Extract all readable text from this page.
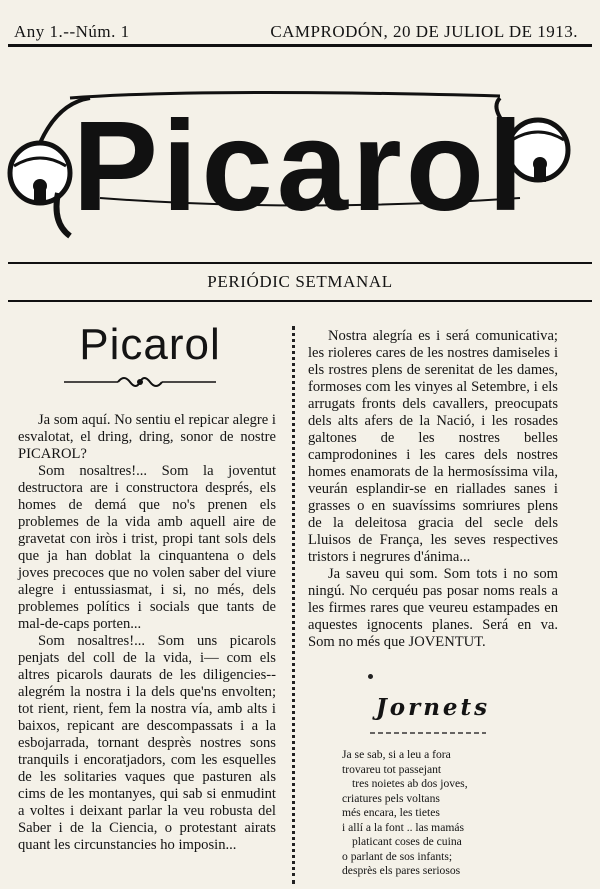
Any 1.--Núm. 1	CAMPRODÓN, 20 DE JULIOL DE 1913.
Picarol
PERIÓDIC SETMANAL
Picarol

Ja som aquí. No sentiu el repicar alegre i esvalotat, el dring, dring, sonor de nostre PICAROL?

Som nosaltres!... Som la joventut destructora are i constructora després, els homes de demá que no's prenen els problemes de la vida amb aquell aire de gravetat con iròs i trist, propi tant sols dels que ja han doblat la cinquantena o dels joves precoces que no volen saber del viure alegre i entussiasmat, i si, no més, dels problemes polítics i socials que tants de mal-de-caps porten...

Som nosaltres!... Som uns picarols penjats del coll de la vida, i— com els altres picarols daurats de les diligencies--alegrém la nostra i la dels que'ns envolten; tot rient, rient, fem la nostra vía, amb alts i baixos, repicant are descompassats i a la esbojarrada, tornant desprès nostres sons tranquils i encoratjadors, com les esquelles de les solitaries vaques que pasturen als cims de les montanyes, qui sab si enmudint a voltes i deixant parlar la veu robusta del Saber i de la Ciencia, o protestant airats quant les circunstancies ho imposin...

Nostra alegría es i será comunicativa; les rioleres cares de les nostres damiseles i els rostres plens de serenitat de les dames, formoses com les vinyes al Setembre, i els arrugats fronts dels cavallers, preocupats dels alts afers de la Nació, i les rosades galtones de les nostres belles camprodonines i les cares dels nostres homes enamorats de la hermosíssima vila, veurán esplandir-se en riallades sanes i grasses o en suavíssims somriures plens de la deleitosa gracia del secle dels Lluisos de França, les seves respectives tristors i negrures d'ánima...

Ja saveu qui som. Som tots i no som ningú. No cerquéu pas posar noms reals a les firmes rares que veureu estampades en aquestes ignocents planes. Será en va. Som no més que JOVENTUT.

Jornets
Ja se sab, si a leu a fora
trovareu tot passejant
tres noietes ab dos joves,
criatures pels voltans
més encara, les tietes
i allí a la font .. las mamás
platicant coses de cuina
o parlant de sos infants;
desprès els pares seriosos
